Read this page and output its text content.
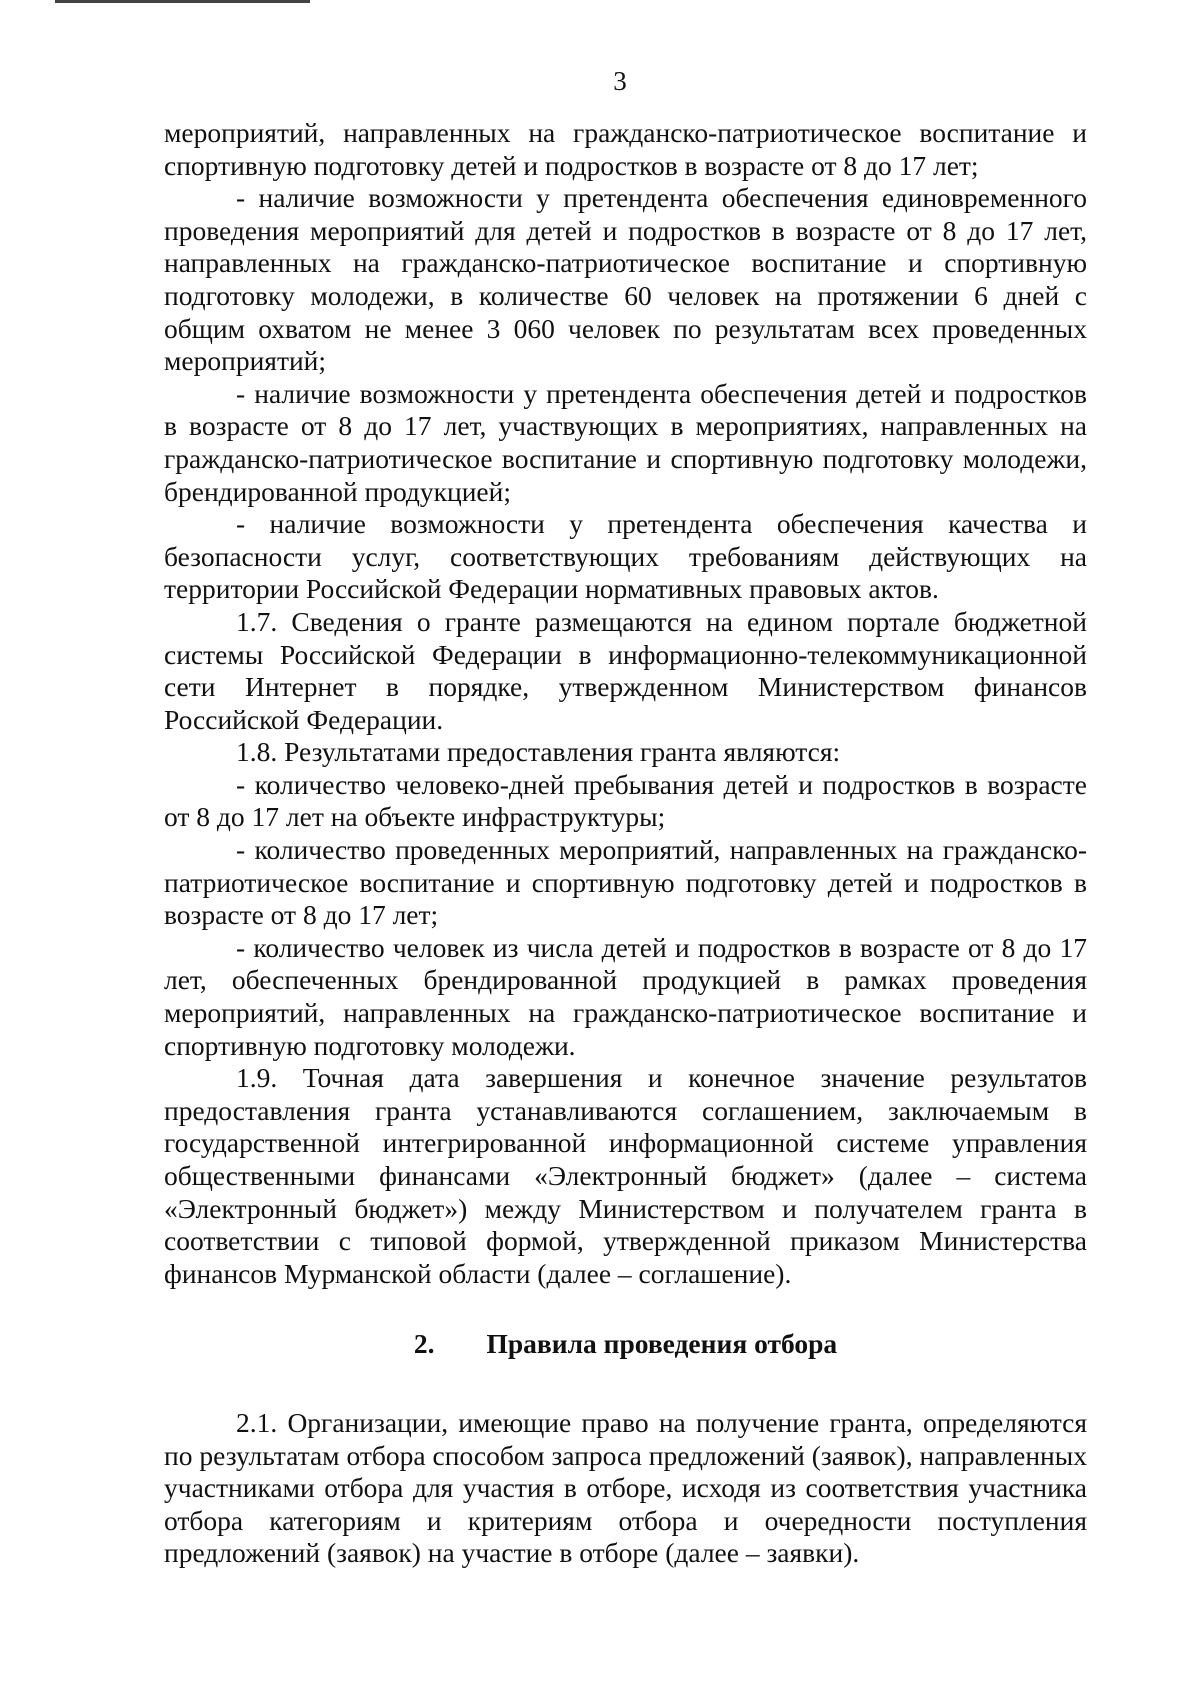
3

мероприятий, направленных на гражданско-патриотическое воспитание и спортивную подготовку детей и подростков в возрасте от 8 до 17 лет;

- наличие возможности у претендента обеспечения единовременного проведения мероприятий для детей и подростков в возрасте от 8 до 17 лет, направленных на гражданско-патриотическое воспитание и спортивную подготовку молодежи, в количестве 60 человек на протяжении 6 дней с общим охватом не менее 3 060 человек по результатам всех проведенных мероприятий;

- наличие возможности у претендента обеспечения детей и подростков в возрасте от 8 до 17 лет, участвующих в мероприятиях, направленных на гражданско-патриотическое воспитание и спортивную подготовку молодежи, брендированной продукцией;

- наличие возможности у претендента обеспечения качества и безопасности услуг, соответствующих требованиям действующих на территории Российской Федерации нормативных правовых актов.

1.7. Сведения о гранте размещаются на едином портале бюджетной системы Российской Федерации в информационно-телекоммуникационной сети Интернет в порядке, утвержденном Министерством финансов Российской Федерации.

1.8. Результатами предоставления гранта являются:

- количество человеко-дней пребывания детей и подростков в возрасте от 8 до 17 лет на объекте инфраструктуры;

- количество проведенных мероприятий, направленных на гражданско-патриотическое воспитание и спортивную подготовку детей и подростков в возрасте от 8 до 17 лет;

- количество человек из числа детей и подростков в возрасте от 8 до 17 лет, обеспеченных брендированной продукцией в рамках проведения мероприятий, направленных на гражданско-патриотическое воспитание и спортивную подготовку молодежи.

1.9. Точная дата завершения и конечное значение результатов предоставления гранта устанавливаются соглашением, заключаемым в государственной интегрированной информационной системе управления общественными финансами «Электронный бюджет» (далее – система «Электронный бюджет») между Министерством и получателем гранта в соответствии с типовой формой, утвержденной приказом Министерства финансов Мурманской области (далее – соглашение).

2. Правила проведения отбора

2.1. Организации, имеющие право на получение гранта, определяются по результатам отбора способом запроса предложений (заявок), направленных участниками отбора для участия в отборе, исходя из соответствия участника отбора категориям и критериям отбора и очередности поступления предложений (заявок) на участие в отборе (далее – заявки).
